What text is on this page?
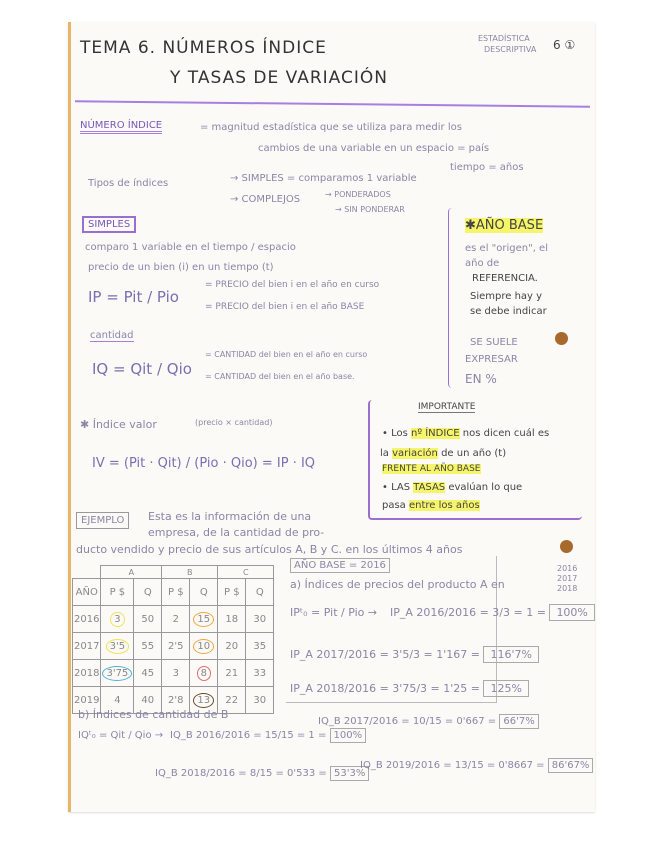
TEMA 6. NÚMEROS ÍNDICE
Y TASAS DE VARIACIÓN
ESTADÍSTICA
DESCRIPTIVA 6 ①
NÚMERO ÍNDICE	= magnitud estadística que se utiliza para medir los
cambios de una variable en un espacio = país
tiempo = años
Tipos de índices	→ SIMPLES = comparamos 1 variable
→ COMPLEJOS	→ PONDERADOS
→ SIN PONDERAR
SIMPLES
comparo 1 variable en el tiempo / espacio
precio de un bien (i) en un tiempo (t)
IP = Pit / Pio
= PRECIO del bien i en el año en curso
= PRECIO del bien i en el año BASE
cantidad
IQ = Qit / Qio
= CANTIDAD del bien en el año en curso
= CANTIDAD del bien en el año base.
✱AÑO BASE
es el "origen", el
año de
REFERENCIA.
Siempre hay y
se debe indicar
SE SUELE
EXPRESAR
EN %
✱ Índice valor	(precio × cantidad)
IV = (Pit · Qit) / (Pio · Qio) = IP · IQ
IMPORTANTE
• Los nº ÍNDICE nos dicen cuál es
la variación de un año (t)
FRENTE AL AÑO BASE
• LAS TASAS evalúan lo que
pasa entre los años
EJEMPLO	Esta es la información de una
empresa, de la cantidad de pro-
ducto vendido y precio de sus artículos A, B y C. en los últimos 4 años
	A		B		C	
AÑO	P $	Q	P $	Q	P $	Q
2016	3	50	2	15	18	30
2017	3'5	55	2'5	10	20	35
2018	3'75	45	3	8	21	33
2019	4	40	2'8	13	22	30
AÑO BASE = 2016
a) Índices de precios del producto A en
2016 2017 2018
IPᵗ₀ = Pit / Pio → IP_A 2016/2016 = 3/3 = 1 = 100%
IP_A 2017/2016 = 3'5/3 = 1'167 = 116'7%
IP_A 2018/2016 = 3'75/3 = 1'25 = 125%
b) Índices de cantidad de B
IQᵗ₀ = Qit / Qio → IQ_B 2016/2016 = 15/15 = 1 = 100%
IQ_B 2017/2016 = 10/15 = 0'667 = 66'7%
IQ_B 2018/2016 = 8/15 = 0'533 = 53'3%
IQ_B 2019/2016 = 13/15 = 0'8667 = 86'67%
